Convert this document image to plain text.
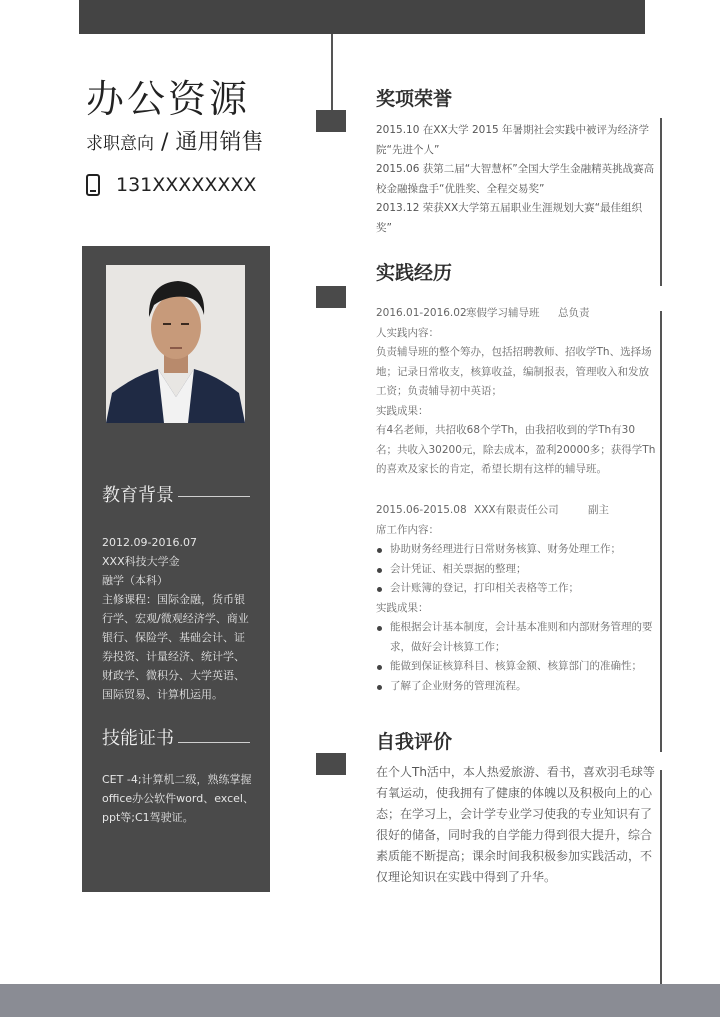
办公资源
求职意向 / 通用销售
131XXXXXXXX
教育背景

2012.09-2016.07

XXX科技大学金

融学（本科）

主修课程：国际金融，货币银行学、宏观/微观经济学、商业银行、保险学、基础会计、证券投资、计量经济、统计学、财政学、微积分、大学英语、国际贸易、计算机运用。

技能证书
CET -4;计算机二级，熟练掌握office办公软件word、excel、ppt等;C1驾驶证。
奖项荣誉

2015.10 在XX大学 2015 年暑期社会实践中被评为经济学院“先进个人”

2015.06 获第二届“大智慧杯”全国大学生金融精英挑战赛高校金融操盘手“优胜奖、全程交易奖”

2013.12 荣获XX大学第五届职业生涯规划大赛“最佳组织奖”

实践经历
2016.01-2016.02 寒假学习辅导班	总负责

人实践内容：

负责辅导班的整个筹办，包括招聘教师、招收学Th、选择场地；记录日常收支，核算收益，编制报表，管理收入和发放工资；负责辅导初中英语；

实践成果：

有4名老师，共招收68个学Th，由我招收到的学Th有30名；共收入30200元，除去成本，盈利20000多；获得学Th的喜欢及家长的肯定，希望长期有这样的辅导班。

2015.06-2015.08 XXX有限责任公司	副主

席工作内容：

协助财务经理进行日常财务核算、财务处理工作；
会计凭证、相关票据的整理；
会计账簿的登记，打印相关表格等工作；

实践成果：

能根据会计基本制度，会计基本准则和内部财务管理的要求，做好会计核算工作；
能做到保证核算科目、核算金额、核算部门的准确性；
了解了企业财务的管理流程。
自我评价
在个人Th活中，本人热爱旅游、看书，喜欢羽毛球等有氧运动，使我拥有了健康的体魄以及积极向上的心态；在学习上，会计学专业学习使我的专业知识有了很好的储备，同时我的自学能力得到很大提升，综合素质能不断提高；课余时间我积极参加实践活动，不仅理论知识在实践中得到了升华。
